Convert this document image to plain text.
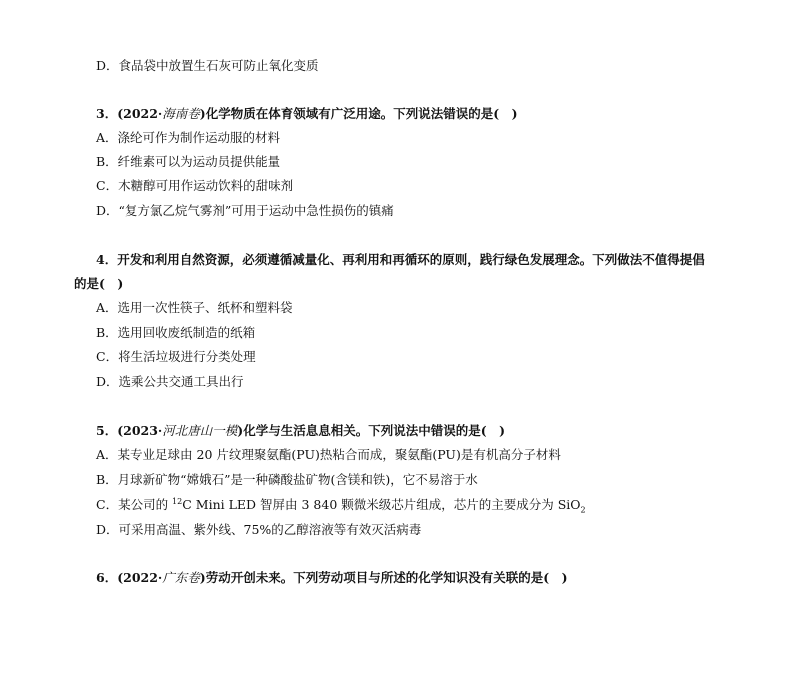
D．食品袋中放置生石灰可防止氧化变质
3．(2022·海南卷)化学物质在体育领域有广泛用途。下列说法错误的是(　)
A．涤纶可作为制作运动服的材料
B．纤维素可以为运动员提供能量
C．木糖醇可用作运动饮料的甜味剂
D．“复方氯乙烷气雾剂”可用于运动中急性损伤的镇痛
4．开发和利用自然资源，必须遵循减量化、再利用和再循环的原则，践行绿色发展理念。下列做法不值得提倡
的是(　)
A．选用一次性筷子、纸杯和塑料袋
B．选用回收废纸制造的纸箱
C．将生活垃圾进行分类处理
D．选乘公共交通工具出行
5．(2023·河北唐山一模)化学与生活息息相关。下列说法中错误的是(　)
A．某专业足球由 20 片纹理聚氨酯(PU)热粘合而成，聚氨酯(PU)是有机高分子材料
B．月球新矿物“嫦娥石”是一种磷酸盐矿物(含镁和铁)，它不易溶于水
C．某公司的 $^{12}$C Mini LED 智屏由 3 840 颗微米级芯片组成，芯片的主要成分为 SiO$_2$
D．可采用高温、紫外线、75%的乙醇溶液等有效灭活病毒
6．(2022·广东卷)劳动开创未来。下列劳动项目与所述的化学知识没有关联的是(　)
